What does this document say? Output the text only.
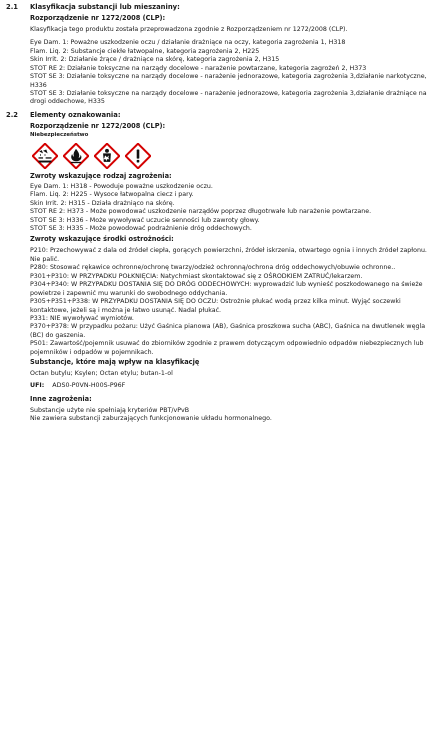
2.1	Klasyfikacja substancji lub mieszaniny:

Rozporządzenie nr 1272/2008 (CLP):

Klasyfikacja tego produktu została przeprowadzona zgodnie z Rozporządzeniem nr 1272/2008 (CLP).

Eye Dam. 1: Poważne uszkodzenie oczu / działanie drażniące na oczy, kategoria zagrożenia 1, H318

Flam. Liq. 2: Substancje ciekłe łatwopalne, kategoria zagrożenia 2, H225

Skin Irrit. 2: Działanie żrące / drażniące na skórę, kategoria zagrożenia 2, H315

STOT RE 2: Działanie toksyczne na narządy docelowe - narażenie powtarzane, kategoria zagrożeń 2, H373

STOT SE 3: Działanie toksyczne na narządy docelowe - narażenie jednorazowe, kategoria zagrożenia 3,działanie narkotyczne, H336

STOT SE 3: Działanie toksyczne na narządy docelowe - narażenie jednorazowe, kategoria zagrożenia 3,działanie drażniące na drogi oddechowe, H335

2.2	Elementy oznakowania:

Rozporządzenie nr 1272/2008 (CLP):

Niebezpieczeństwo

Zwroty wskazujące rodzaj zagrożenia:

Eye Dam. 1: H318 - Powoduje poważne uszkodzenie oczu.

Flam. Liq. 2: H225 - Wysoce łatwopalna ciecz i pary.

Skin Irrit. 2: H315 - Działa drażniąco na skórę.

STOT RE 2: H373 - Może powodować uszkodzenie narządów poprzez długotrwałe lub narażenie powtarzane.

STOT SE 3: H336 - Może wywoływać uczucie senności lub zawroty głowy.

STOT SE 3: H335 - Może powodować podrażnienie dróg oddechowych.

Zwroty wskazujące środki ostrożności:

P210: Przechowywać z dala od źródeł ciepła, gorących powierzchni, źródeł iskrzenia, otwartego ognia i innych źródeł zapłonu. Nie palić.

P280: Stosować rękawice ochronne/ochronę twarzy/odzież ochronną/ochrona dróg oddechowych/obuwie ochronne..

P301+P310: W PRZYPADKU POŁKNIĘCIA: Natychmiast skontaktować się z OŚRODKIEM ZATRUĆ/lekarzem.

P304+P340: W PRZYPADKU DOSTANIA SIĘ DO DRÓG ODDECHOWYCH: wyprowadzić lub wynieść poszkodowanego na świeże powietrze i zapewnić mu warunki do swobodnego oddychania.

P305+P351+P338: W PRZYPADKU DOSTANIA SIĘ DO OCZU: Ostrożnie płukać wodą przez kilka minut. Wyjąć soczewki kontaktowe, jeżeli są i można je łatwo usunąć. Nadal płukać.

P331: NIE wywoływać wymiotów.

P370+P378: W przypadku pożaru: Użyć Gaśnica pianowa (AB), Gaśnica proszkowa sucha (ABC), Gaśnica na dwutlenek węgla (BC) do gaszenia.

P501: Zawartość/pojemnik usuwać do zbiorników zgodnie z prawem dotyczącym odpowiednio odpadów niebezpiecznych lub pojemników i odpadów w pojemnikach.

Substancje, które mają wpływ na klasyfikację

Octan butylu; Ksylen; Octan etylu; butan-1-ol

UFI: ADS0-P0VN-H00S-P96F

Inne zagrożenia:

Substancje użyte nie spełniają kryteriów PBT/vPvB

Nie zawiera substancji zaburzających funkcjonowanie układu hormonalnego.
